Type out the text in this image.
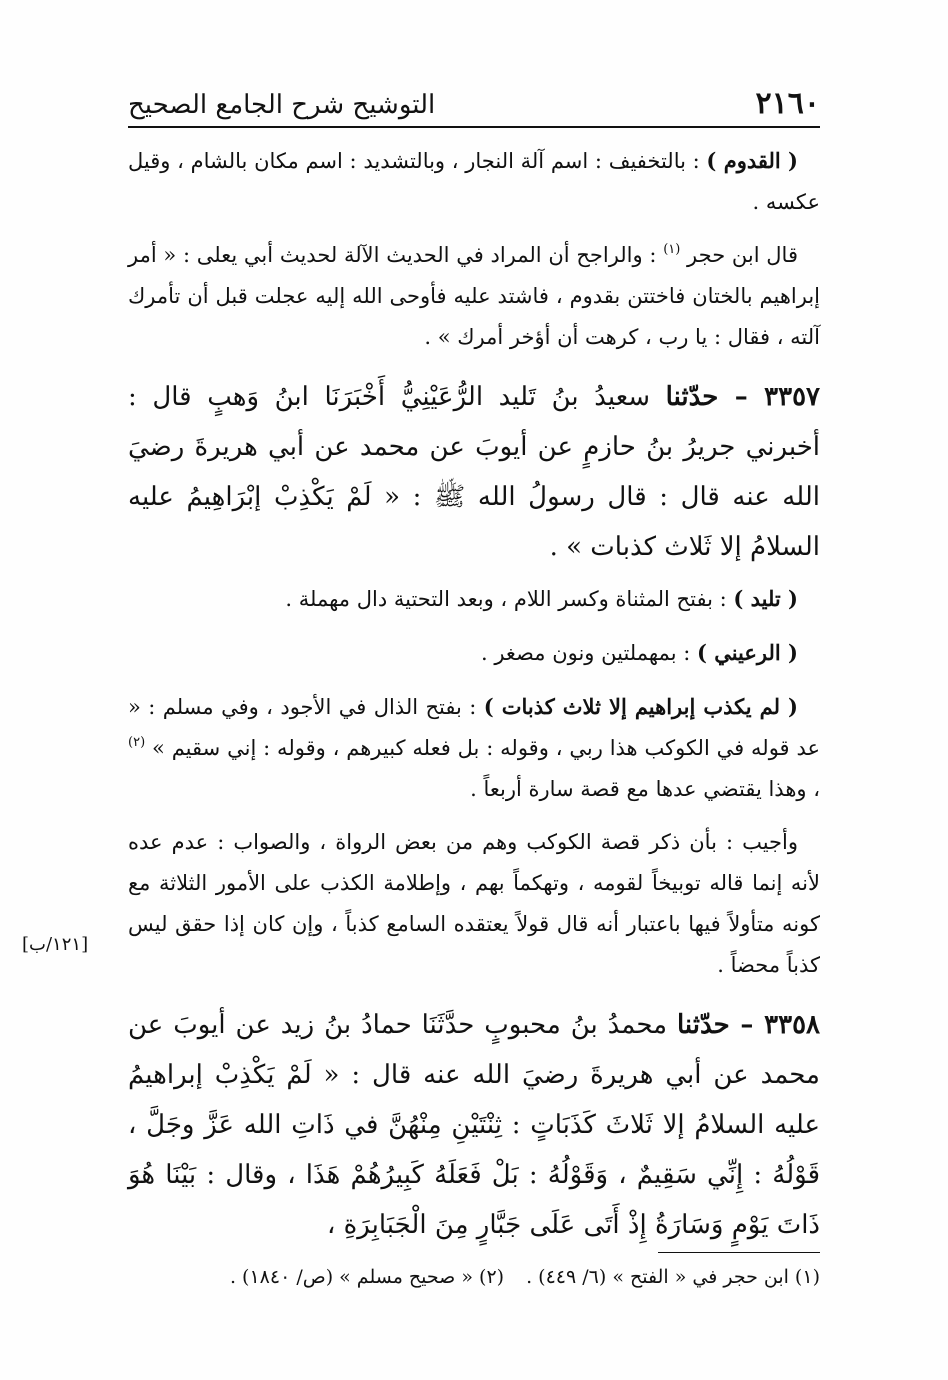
٢١٦٠
التوشيح شرح الجامع الصحيح

( القدوم ) : بالتخفيف : اسم آلة النجار ، وبالتشديد : اسم مكان بالشام ، وقيل عكسه .

قال ابن حجر $^{(١)}$ : والراجح أن المراد في الحديث الآلة لحديث أبي يعلى : « أمر إبراهيم بالختان فاختتن بقدوم ، فاشتد عليه فأوحى الله إليه عجلت قبل أن تأمرك آلته ، فقال : يا رب ، كرهت أن أؤخر أمرك » .

٣٣٥٧ – حدّثنا سعيدُ بنُ تَليد الرُّعَيْنِيُّ أَخْبَرَنَا ابنُ وَهبٍ قال : أخبرني جريرُ بنُ حازمٍ عن أيوبَ عن محمد عن أبي هريرةَ رضيَ الله عنه قال : قال رسولُ الله ﷺ : « لَمْ يَكْذِبْ إبْرَاهِيمُ عليه السلامُ إلا ثَلاث كذبات » .

( تليد ) : بفتح المثناة وكسر اللام ، وبعد التحتية دال مهملة .

( الرعيني ) : بمهملتين ونون مصغر .

( لم يكذب إبراهيم إلا ثلاث كذبات ) : بفتح الذال في الأجود ، وفي مسلم : « عد قوله في الكوكب هذا ربي ، وقوله : بل فعله كبيرهم ، وقوله : إني سقيم » $^{(٢)}$ ، وهذا يقتضي عدها مع قصة سارة أربعاً .

وأجيب : بأن ذكر قصة الكوكب وهم من بعض الرواة ، والصواب : عدم عده لأنه إنما قاله توبيخاً لقومه ، وتهكماً بهم ، وإطلامة الكذب على الأمور الثلاثة مع كونه متأولاً فيها باعتبار أنه قال قولاً يعتقده السامع كذباً ، وإن كان إذا حقق ليس كذباً محضاً .

٣٣٥٨ – حدّثنا محمدُ بنُ محبوبٍ حدَّثَنَا حمادُ بنُ زيد عن أيوبَ عن محمد عن أبي هريرةَ رضيَ الله عنه قال : « لَمْ يَكْذِبْ إبراهيمُ عليه السلامُ إلا ثَلاثَ كَذَبَاتٍ : ثِنْتَيْنِ مِنْهُنَّ في ذَاتِ الله عَزَّ وجَلَّ ، قَوْلُهُ : إِنِّي سَقِيمٌ ، وَقَوْلُهُ : بَلْ فَعَلَهُ كَبِيرُهُمْ هَذَا ، وقال : بَيْنَا هُوَ ذَاتَ يَوْمٍ وَسَارَةُ إِذْ أَتَى عَلَى جَبَّارٍ مِنَ الْجَبَابِرَةِ ،

[١٢١/ب]
(١) ابن حجر في « الفتح » (٦/ ٤٤٩) .(٢) « صحيح مسلم » (ص/ ١٨٤٠) .
